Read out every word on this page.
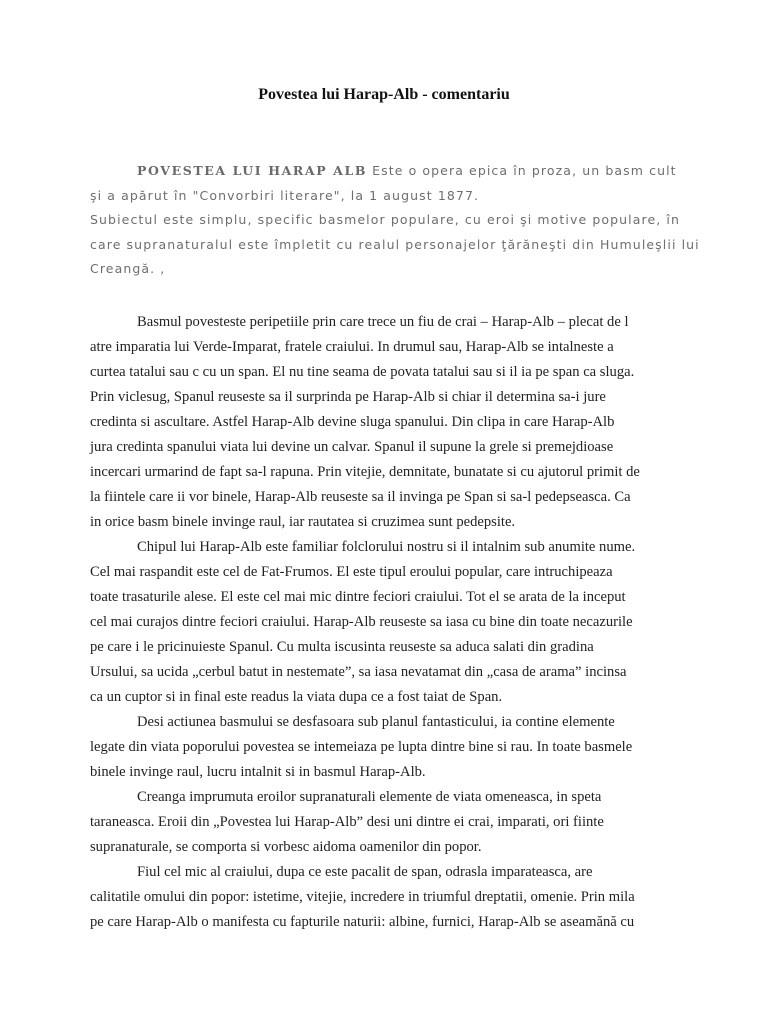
Povestea lui Harap-Alb - comentariu
POVESTEA LUI HARAP ALB Este o opera epica în proza, un basm cult
şi a apărut în "Convorbiri literare", la 1 august 1877.
Subiectul este simplu, specific basmelor populare, cu eroi şi motive populare, în
care supranaturalul este împletit cu realul personajelor ţărăneşti din Humuleşlii lui
Creangă. ,
Basmul povesteste peripetiile prin care trece un fiu de crai – Harap-Alb – plecat de l
atre imparatia lui Verde-Imparat, fratele craiului. In drumul sau, Harap-Alb se intalneste a
curtea tatalui sau c cu un span. El nu tine seama de povata tatalui sau si il ia pe span ca sluga.
Prin viclesug, Spanul reuseste sa il surprinda pe Harap-Alb si chiar il determina sa-i jure
credinta si ascultare. Astfel Harap-Alb devine sluga spanului. Din clipa in care Harap-Alb
jura credinta spanului viata lui devine un calvar. Spanul il supune la grele si premejdioase
incercari urmarind de fapt sa-l rapuna. Prin vitejie, demnitate, bunatate si cu ajutorul primit de
la fiintele care ii vor binele, Harap-Alb reuseste sa il invinga pe Span si sa-l pedepseasca. Ca
in orice basm binele invinge raul, iar rautatea si cruzimea sunt pedepsite.
Chipul lui Harap-Alb este familiar folclorului nostru si il intalnim sub anumite nume.
Cel mai raspandit este cel de Fat-Frumos. El este tipul eroului popular, care intruchipeaza
toate trasaturile alese. El este cel mai mic dintre feciori craiului. Tot el se arata de la inceput
cel mai curajos dintre feciori craiului. Harap-Alb reuseste sa iasa cu bine din toate necazurile
pe care i le pricinuieste Spanul. Cu multa iscusinta reuseste sa aduca salati din gradina
Ursului, sa ucida „cerbul batut in nestemate”, sa iasa nevatamat din „casa de arama” incinsa
ca un cuptor si in final este readus la viata dupa ce a fost taiat de Span.
Desi actiunea basmului se desfasoara sub planul fantasticului, ia contine elemente
legate din viata poporului povestea se intemeiaza pe lupta dintre bine si rau. In toate basmele
binele invinge raul, lucru intalnit si in basmul Harap-Alb.
Creanga imprumuta eroilor supranaturali elemente de viata omeneasca, in speta
taraneasca. Eroii din „Povestea lui Harap-Alb” desi uni dintre ei crai, imparati, ori fiinte
supranaturale, se comporta si vorbesc aidoma oamenilor din popor.
Fiul cel mic al craiului, dupa ce este pacalit de span, odrasla imparateasca, are
calitatile omului din popor: istetime, vitejie, incredere in triumful dreptatii, omenie. Prin mila
pe care Harap-Alb o manifesta cu fapturile naturii: albine, furnici, Harap-Alb se aseamănă cu
